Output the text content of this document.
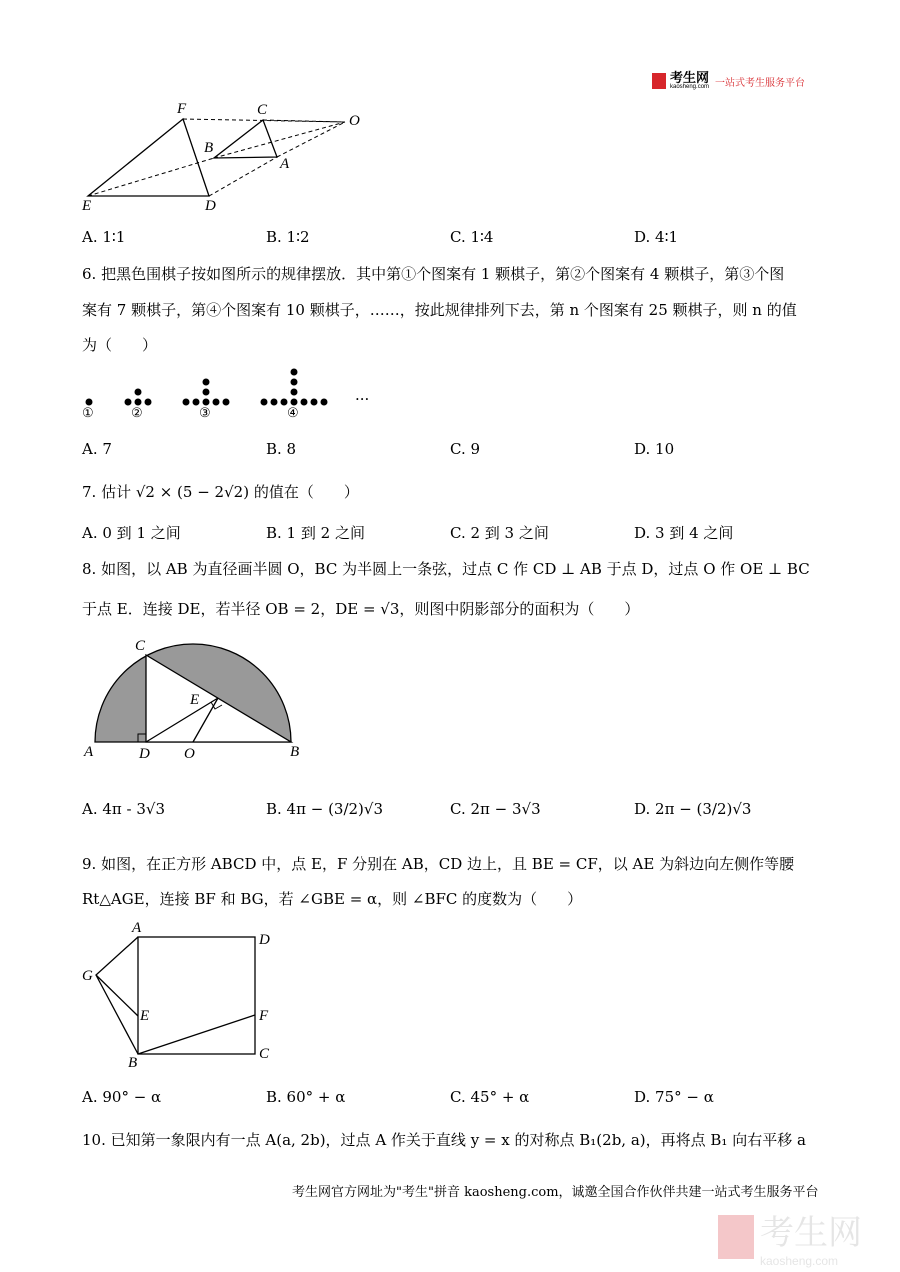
考生网
kaosheng.com 一站式考生服务平台
F	C
O
B
A
E	D
A. 1∶1	B. 1∶2	C. 1∶4	D. 4∶1
6. 把黑色围棋子按如图所示的规律摆放．其中第①个图案有 1 颗棋子，第②个图案有 4 颗棋子，第③个图
案有 7 颗棋子，第④个图案有 10 颗棋子，……，按此规律排列下去，第 n 个图案有 25 颗棋子，则 n 的值
为（　　）
①	②	③	④
···
A. 7	B. 8	C. 9	D. 10
7. 估计 √2 × (5 − 2√2) 的值在（　　）
A. 0 到 1 之间	B. 1 到 2 之间	C. 2 到 3 之间	D. 3 到 4 之间
8. 如图，以 AB 为直径画半圆 O，BC 为半圆上一条弦，过点 C 作 CD ⊥ AB 于点 D，过点 O 作 OE ⊥ BC
于点 E．连接 DE，若半径 OB = 2，DE = √3，则图中阴影部分的面积为（　　）
C
E
A	D O	B
A. 4π - 3√3	B. 4π − (3/2)√3	C. 2π − 3√3	D. 2π − (3/2)√3
9. 如图，在正方形 ABCD 中，点 E，F 分别在 AB，CD 边上，且 BE = CF，以 AE 为斜边向左侧作等腰
Rt△AGE，连接 BF 和 BG，若 ∠GBE = α，则 ∠BFC 的度数为（　　）
A
D
G
E	F
B
C
A. 90° − α	B. 60° + α	C. 45° + α	D. 75° − α
10. 已知第一象限内有一点 A(a, 2b)，过点 A 作关于直线 y = x 的对称点 B₁(2b, a)，再将点 B₁ 向右平移 a
考生网官方网址为"考生"拼音 kaosheng.com，诚邀全国合作伙伴共建一站式考生服务平台
考生网
kaosheng.com
